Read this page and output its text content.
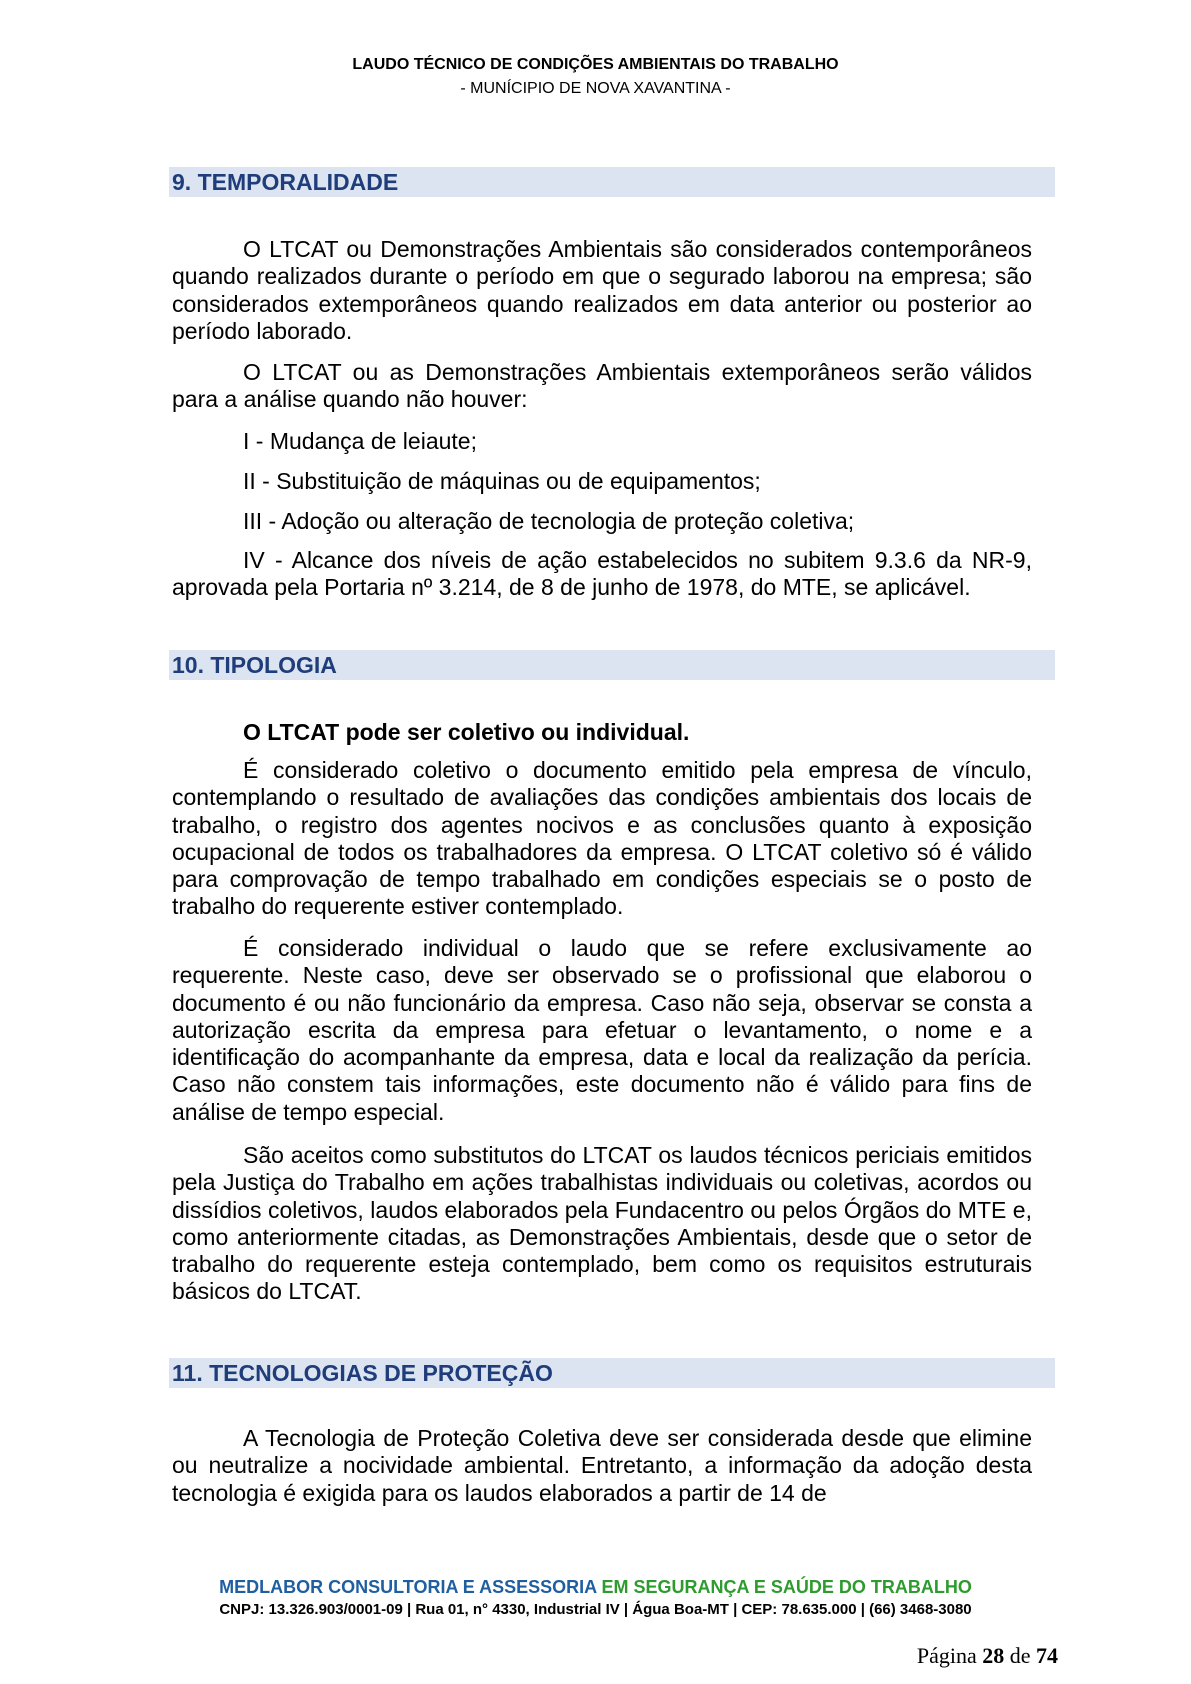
LAUDO TÉCNICO DE CONDIÇÕES AMBIENTAIS DO TRABALHO
- MUNÍCIPIO DE NOVA XAVANTINA -
9. TEMPORALIDADE

O LTCAT ou Demonstrações Ambientais são considerados contemporâneos quando realizados durante o período em que o segurado laborou na empresa; são considerados extemporâneos quando realizados em data anterior ou posterior ao período laborado.

O LTCAT ou as Demonstrações Ambientais extemporâneos serão válidos para a análise quando não houver:

I - Mudança de leiaute;
II - Substituição de máquinas ou de equipamentos;
III - Adoção ou alteração de tecnologia de proteção coletiva;

IV - Alcance dos níveis de ação estabelecidos no subitem 9.3.6 da NR-9, aprovada pela Portaria nº 3.214, de 8 de junho de 1978, do MTE, se aplicável.

10. TIPOLOGIA
O LTCAT pode ser coletivo ou individual.

É considerado coletivo o documento emitido pela empresa de vínculo, contemplando o resultado de avaliações das condições ambientais dos locais de trabalho, o registro dos agentes nocivos e as conclusões quanto à exposição ocupacional de todos os trabalhadores da empresa. O LTCAT coletivo só é válido para comprovação de tempo trabalhado em condições especiais se o posto de trabalho do requerente estiver contemplado.

É considerado individual o laudo que se refere exclusivamente ao requerente. Neste caso, deve ser observado se o profissional que elaborou o documento é ou não funcionário da empresa. Caso não seja, observar se consta a autorização escrita da empresa para efetuar o levantamento, o nome e a identificação do acompanhante da empresa, data e local da realização da perícia. Caso não constem tais informações, este documento não é válido para fins de análise de tempo especial.

São aceitos como substitutos do LTCAT os laudos técnicos periciais emitidos pela Justiça do Trabalho em ações trabalhistas individuais ou coletivas, acordos ou dissídios coletivos, laudos elaborados pela Fundacentro ou pelos Órgãos do MTE e, como anteriormente citadas, as Demonstrações Ambientais, desde que o setor de trabalho do requerente esteja contemplado, bem como os requisitos estruturais básicos do LTCAT.

11. TECNOLOGIAS DE PROTEÇÃO

A Tecnologia de Proteção Coletiva deve ser considerada desde que elimine ou neutralize a nocividade ambiental. Entretanto, a informação da adoção desta tecnologia é exigida para os laudos elaborados a partir de 14 de

MEDLABOR CONSULTORIA E ASSESSORIA EM SEGURANÇA E SAÚDE DO TRABALHO
CNPJ: 13.326.903/0001-09 | Rua 01, n° 4330, Industrial IV | Água Boa-MT | CEP: 78.635.000 | (66) 3468-3080
Página 28 de 74
